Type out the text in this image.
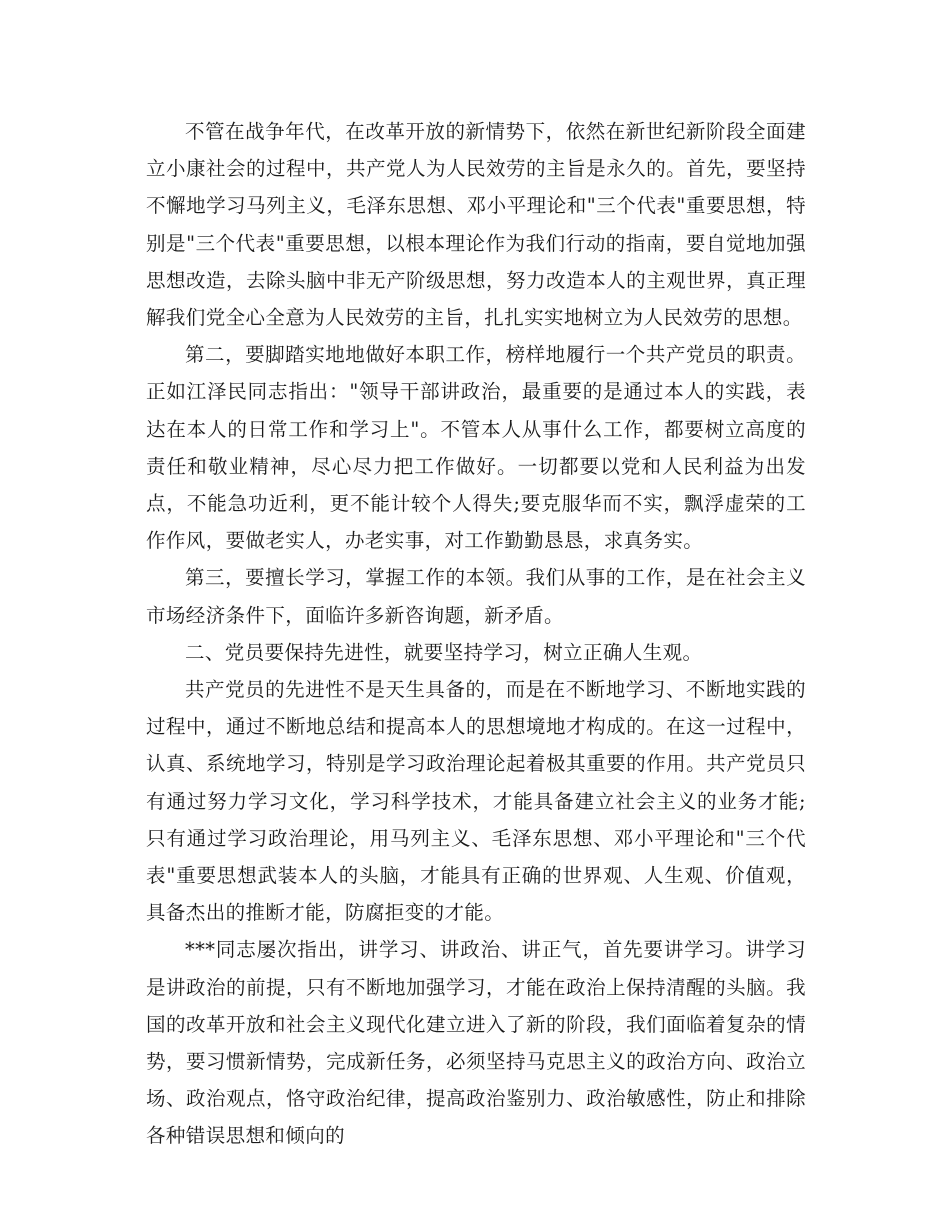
不管在战争年代，在改革开放的新情势下，依然在新世纪新阶段全面建立小康社会的过程中，共产党人为人民效劳的主旨是永久的。首先，要坚持不懈地学习马列主义，毛泽东思想、邓小平理论和"三个代表"重要思想，特别是"三个代表"重要思想，以根本理论作为我们行动的指南，要自觉地加强思想改造，去除头脑中非无产阶级思想，努力改造本人的主观世界，真正理解我们党全心全意为人民效劳的主旨，扎扎实实地树立为人民效劳的思想。

第二，要脚踏实地地做好本职工作，榜样地履行一个共产党员的职责。正如江泽民同志指出："领导干部讲政治，最重要的是通过本人的实践，表达在本人的日常工作和学习上"。不管本人从事什么工作，都要树立高度的责任和敬业精神，尽心尽力把工作做好。一切都要以党和人民利益为出发点，不能急功近利，更不能计较个人得失;要克服华而不实，飘浮虚荣的工作作风，要做老实人，办老实事，对工作勤勤恳恳，求真务实。

第三，要擅长学习，掌握工作的本领。我们从事的工作，是在社会主义市场经济条件下，面临许多新咨询题，新矛盾。

二、党员要保持先进性，就要坚持学习，树立正确人生观。

共产党员的先进性不是天生具备的，而是在不断地学习、不断地实践的过程中，通过不断地总结和提高本人的思想境地才构成的。在这一过程中，认真、系统地学习，特别是学习政治理论起着极其重要的作用。共产党员只有通过努力学习文化，学习科学技术，才能具备建立社会主义的业务才能;只有通过学习政治理论，用马列主义、毛泽东思想、邓小平理论和"三个代表"重要思想武装本人的头脑，才能具有正确的世界观、人生观、价值观，具备杰出的推断才能，防腐拒变的才能。

***同志屡次指出，讲学习、讲政治、讲正气，首先要讲学习。讲学习是讲政治的前提，只有不断地加强学习，才能在政治上保持清醒的头脑。我国的改革开放和社会主义现代化建立进入了新的阶段，我们面临着复杂的情势，要习惯新情势，完成新任务，必须坚持马克思主义的政治方向、政治立场、政治观点，恪守政治纪律，提高政治鉴别力、政治敏感性，防止和排除各种错误思想和倾向的
